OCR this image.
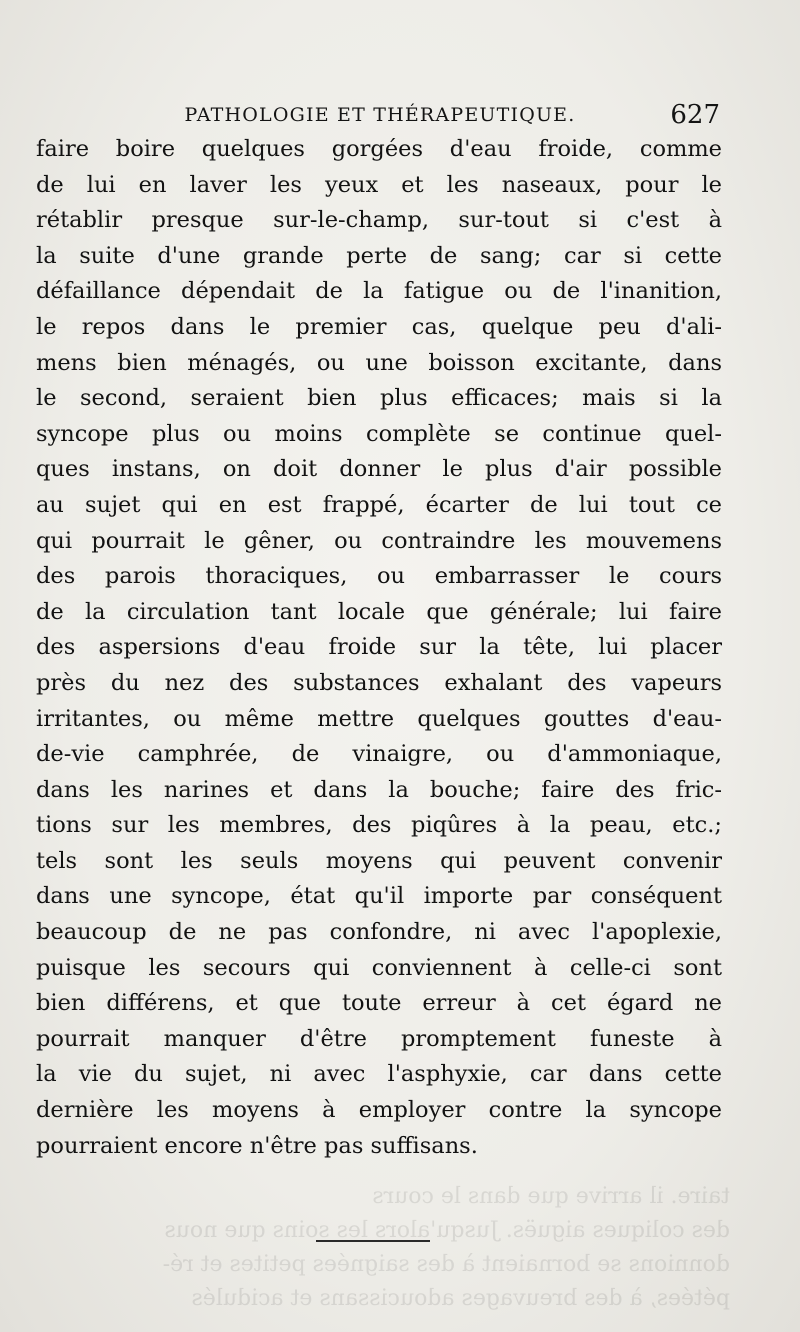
taire. il arrive que dans le cours
des coliques aiguës. Jusqu'alors les soins que nous
donnions se bornaient à des saignées petites et ré-
pétées, à des breuvages adoucissans et acidulés
PATHOLOGIE ET THÉRAPEUTIQUE.	627
faire boire quelques gorgées d'eau froide, comme
de lui en laver les yeux et les naseaux, pour le
rétablir presque sur-le-champ, sur-tout si c'est à
la suite d'une grande perte de sang; car si cette
défaillance dépendait de la fatigue ou de l'inanition,
le repos dans le premier cas, quelque peu d'ali-
mens bien ménagés, ou une boisson excitante, dans
le second, seraient bien plus efficaces; mais si la
syncope plus ou moins complète se continue quel-
ques instans, on doit donner le plus d'air possible
au sujet qui en est frappé, écarter de lui tout ce
qui pourrait le gêner, ou contraindre les mouvemens
des parois thoraciques, ou embarrasser le cours
de la circulation tant locale que générale; lui faire
des aspersions d'eau froide sur la tête, lui placer
près du nez des substances exhalant des vapeurs
irritantes, ou même mettre quelques gouttes d'eau-
de-vie camphrée, de vinaigre, ou d'ammoniaque,
dans les narines et dans la bouche; faire des fric-
tions sur les membres, des piqûres à la peau, etc.;
tels sont les seuls moyens qui peuvent convenir
dans une syncope, état qu'il importe par conséquent
beaucoup de ne pas confondre, ni avec l'apoplexie,
puisque les secours qui conviennent à celle-ci sont
bien différens, et que toute erreur à cet égard ne
pourrait manquer d'être promptement funeste à
la vie du sujet, ni avec l'asphyxie, car dans cette
dernière les moyens à employer contre la syncope
pourraient encore n'être pas suffisans.
